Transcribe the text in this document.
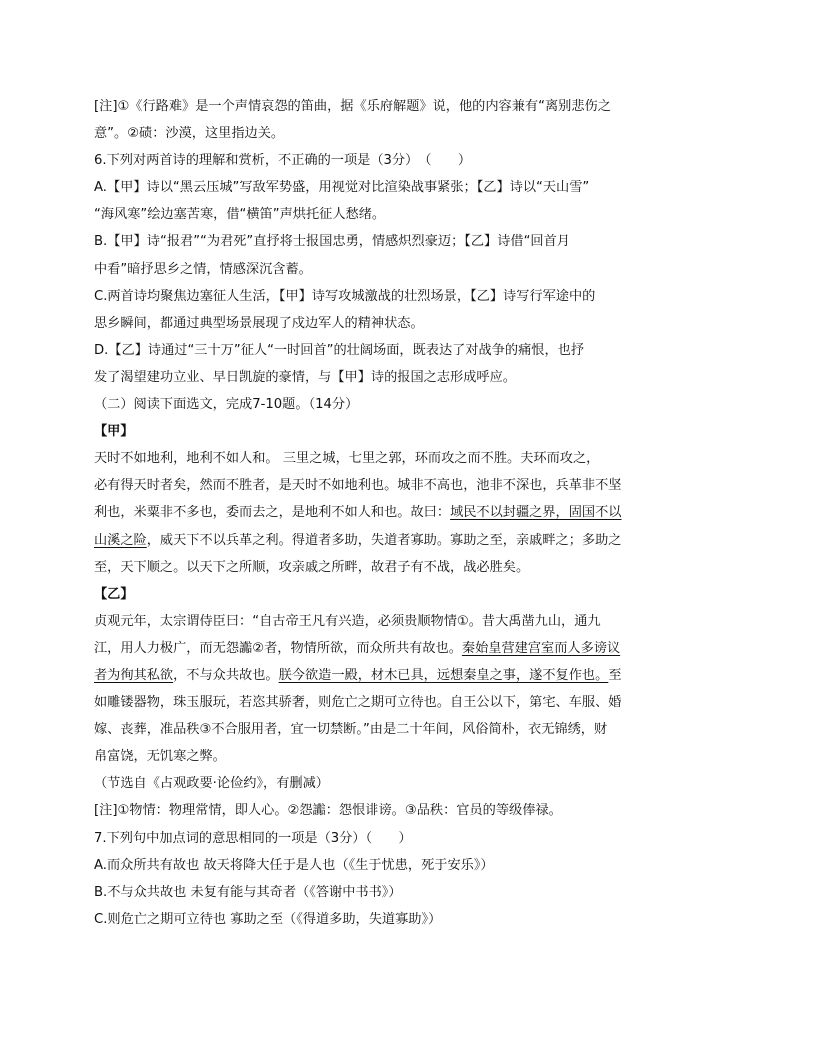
[注]①《行路难》是一个声情哀怨的笛曲，据《乐府解题》说，他的内容兼有“离别悲伤之
意”。②碛：沙漠，这里指边关。
6.下列对两首诗的理解和赏析，不正确的一项是（3分）　（　　）
A.【甲】诗以“黑云压城”写敌军势盛，用视觉对比渲染战事紧张；【乙】诗以“天山雪”
“海风寒”绘边塞苦寒，借“横笛”声烘托征人愁绪。
B.【甲】诗“报君”“为君死”直抒将士报国忠勇，情感炽烈豪迈；【乙】诗借“回首月
中看”暗抒思乡之情，情感深沉含蓄。
C.两首诗均聚焦边塞征人生活，【甲】诗写攻城激战的壮烈场景，【乙】诗写行军途中的
思乡瞬间，都通过典型场景展现了戍边军人的精神状态。
D.【乙】诗通过“三十万”征人“一时回首”的壮阔场面，既表达了对战争的痛恨，也抒
发了渴望建功立业、早日凯旋的豪情，与【甲】诗的报国之志形成呼应。
（二）阅读下面选文，完成7-10题。（14分）
【甲】
天时不如地利，地利不如人和。 三里之城，七里之郭，环而攻之而不胜。夫环而攻之，
必有得天时者矣，然而不胜者，是天时不如地利也。城非不高也，池非不深也，兵革非不坚
利也，米粟非不多也，委而去之，是地利不如人和也。故曰：域民不以封疆之界，固国不以
山溪之险，威天下不以兵革之利。得道者多助，失道者寡助。寡助之至，亲戚畔之；多助之
至，天下顺之。以天下之所顺，攻亲戚之所畔，故君子有不战，战必胜矣。
【乙】
贞观元年，太宗谓侍臣曰：“自古帝王凡有兴造，必须贵顺物情①。昔大禹凿九山，通九
江，用人力极广，而无怨讟②者，物情所欲，而众所共有故也。秦始皇营建宫室而人多谤议
者为徇其私欲，不与众共故也。朕今欲造一殿，材木已具，远想秦皇之事，遂不复作也。至
如雕镂器物，珠玉服玩，若恣其骄奢，则危亡之期可立待也。自王公以下，第宅、车服、婚
嫁、丧葬，准品秩③不合服用者，宜一切禁断。”由是二十年间，风俗简朴，衣无锦绣，财
帛富饶，无饥寒之弊。
（节选自《占观政要·论俭约》，有删减）
[注]①物情：物理常情，即人心。②怨讟：怨恨诽谤。③品秩：官员的等级俸禄。
7.下列句中加点词的意思相同的一项是（3分）（　　）
A.而众所共有故也 故天将降大任于是人也（《生于忧患，死于安乐》）
B.不与众共故也 未复有能与其奇者（《答谢中书书》）
C.则危亡之期可立待也 寡助之至（《得道多助，失道寡助》）
